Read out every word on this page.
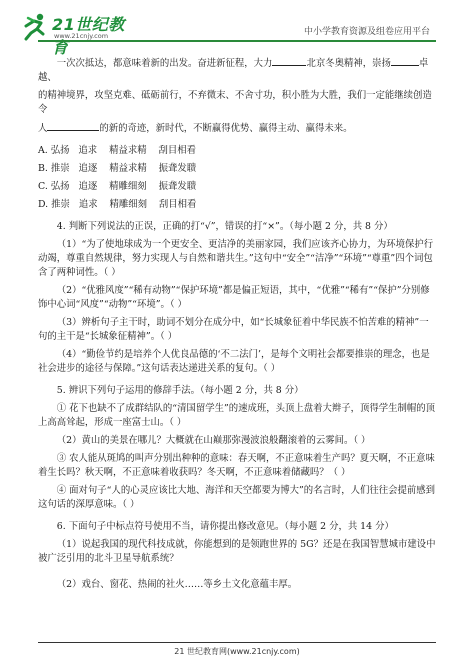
21世纪教育
www.21cnjy.com	中小学教育资源及组卷应用平台

一次次抵达，都意味着新的出发。奋进新征程，大力	北京冬奥精神，崇扬	卓越、

的精神境界，攻坚克难、砥砺前行，不弃微末、不舍寸功，积小胜为大胜，我们一定能继续创造令

人	的新的奇迹，新时代，不断赢得优势、赢得主动、赢得未来。

A. 弘扬   追求    精益求精    刮目相看

B. 推崇   追逐    精益求精    振聋发聩

C. 弘扬   追逐    精雕细刻    振聋发聩

D. 推崇   追求    精雕细刻    刮目相看

4. 判断下列说法的正误，正确的打“√”，错误的打“×”。（每小题 2 分，共 8 分）

（1）“为了使地球成为一个更安全、更洁净的美丽家园，我们应该齐心协力，为环境保护行动竭，尊重自然规律，努力实现人与自然和谐共生。”这句中“安全”“洁净”“环境”“尊重”四个词包含了两种词性。（ ）

（2）“优雅风度”“稀有动物”“保护环境”都是偏正短语，其中，“优雅”“稀有”“保护”分别修饰中心词“风度”“动物”“环境”。（ ）

（3）辨析句子主干时，助词不划分在成分中，如“长城象征着中华民族不怕苦难的精神”一句的主干是“长城象征精神”。（ ）

（4）“勤俭节约是培养个人优良品德的‘不二法门’，是每个文明社会都要推崇的理念，也是社会进步的途径与保障。”这句话表达递进关系的复句。（ ）

5. 辨识下列句子运用的修辞手法。（每小题 2 分，共 8 分）

① 花下也缺不了成群结队的“清国留学生”的速成班，头顶上盘着大辫子，顶得学生制帽的顶上高高耸起，形成一座富士山。（ ）

（2）黄山的美景在哪儿？大概就在山巅那弥漫波浪般翻滚着的云雾间。（ ）

③ 农人能从斑鸠的叫声分别出种种的意味：春天啊，不正意味着生产吗？夏天啊，不正意味着生长吗？秋天啊，不正意味着收获吗？冬天啊，不正意味着储藏吗？（ ）

④ 面对句子“人的心灵应该比大地、海洋和天空都要为博大”的名言时，人们往往会提前感到这句话的深厚意味。（ ）

6. 下面句子中标点符号使用不当，请你提出修改意见。（每小题 2 分，共 14 分）

（1）说起我国的现代科技成就，你能想到的是领跑世界的 5G？还是在我国智慧城市建设中被广泛引用的北斗卫星导航系统？

（2）戏台、窗花、热闹的社火……等乡土文化意蕴丰厚。

21 世纪教育网(www.21cnjy.com)
